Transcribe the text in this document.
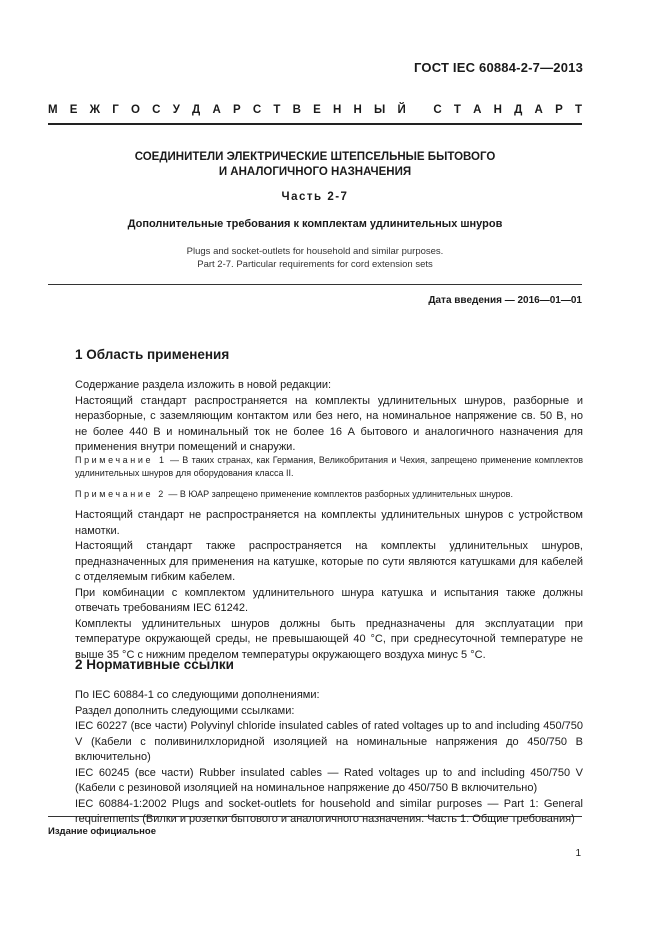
ГОСТ IEC 60884-2-7—2013
М Е Ж Г О С У Д А Р С Т В Е Н Н Ы Й
С Т А Н Д А Р Т
СОЕДИНИТЕЛИ ЭЛЕКТРИЧЕСКИЕ ШТЕПСЕЛЬНЫЕ БЫТОВОГО
И АНАЛОГИЧНОГО НАЗНАЧЕНИЯ
Часть 2-7
Дополнительные требования к комплектам удлинительных шнуров
Plugs and socket-outlets for household and similar purposes.
Part 2-7. Particular requirements for cord extension sets
Дата введения — 2016—01—01
1 Область применения

Содержание раздела изложить в новой редакции:

Настоящий стандарт распространяется на комплекты удлинительных шнуров, разборные и неразборные, с заземляющим контактом или без него, на номинальное напряжение св. 50 В, но не более 440 В и номинальный ток не более 16 А бытового и аналогичного назначения для применения внутри помещений и снаружи.

Примечание 1 — В таких странах, как Германия, Великобритания и Чехия, запрещено применение комплектов удлинительных шнуров для оборудования класса II.

Примечание 2 — В ЮАР запрещено применение комплектов разборных удлинительных шнуров.

Настоящий стандарт не распространяется на комплекты удлинительных шнуров с устройством намотки.

Настоящий стандарт также распространяется на комплекты удлинительных шнуров, предназначенных для применения на катушке, которые по сути являются катушками для кабелей с отделяемым гибким кабелем.

При комбинации с комплектом удлинительного шнура катушка и испытания также должны отвечать требованиям IEC 61242.

Комплекты удлинительных шнуров должны быть предназначены для эксплуатации при температуре окружающей среды, не превышающей 40 °С, при среднесуточной температуре не выше 35 °С с нижним пределом температуры окружающего воздуха минус 5 °С.

2 Нормативные ссылки

По IEC 60884-1 со следующими дополнениями:

Раздел дополнить следующими ссылками:

IEC 60227 (все части) Polyvinyl chloride insulated cables of rated voltages up to and including 450/750 V (Кабели с поливинилхлоридной изоляцией на номинальные напряжения до 450/750 В включительно)

IEC 60245 (все части) Rubber insulated cables — Rated voltages up to and including 450/750 V (Кабели с резиновой изоляцией на номинальное напряжение до 450/750 В включительно)

IEC 60884-1:2002 Plugs and socket-outlets for household and similar purposes — Part 1: General requirements (Вилки и розетки бытового и аналогичного назначения. Часть 1. Общие требования)

Издание официальное
1
